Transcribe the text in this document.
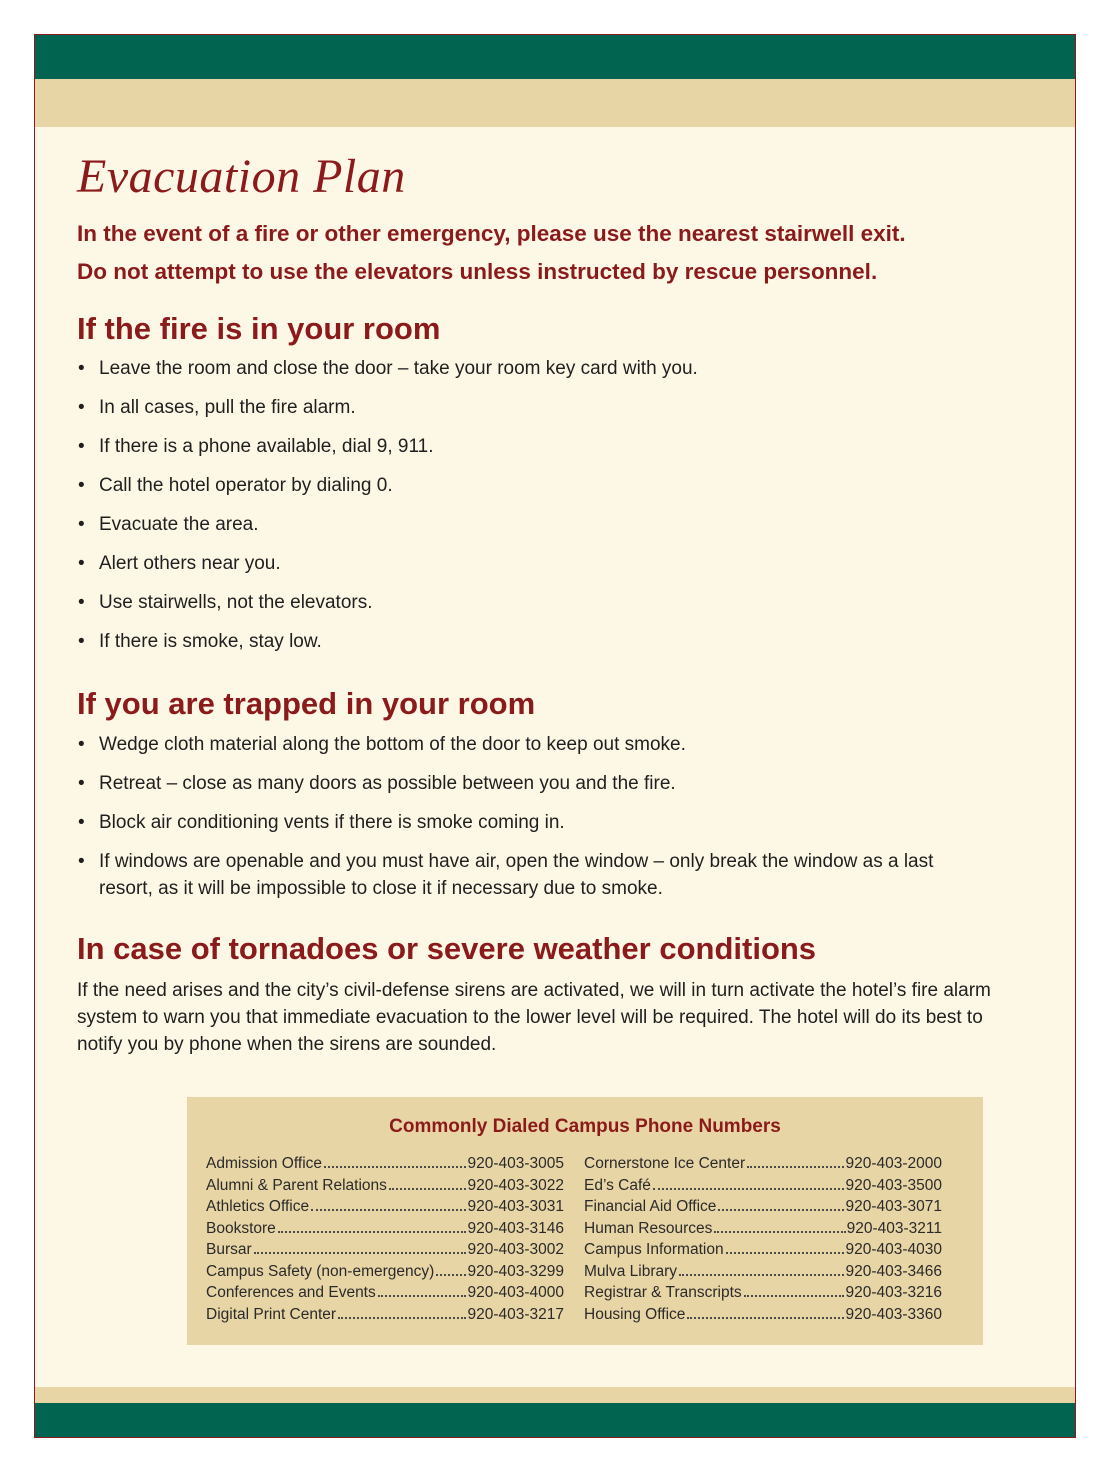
Evacuation Plan
In the event of a fire or other emergency, please use the nearest stairwell exit.
Do not attempt to use the elevators unless instructed by rescue personnel.
If the fire is in your room
• Leave the room and close the door – take your room key card with you.
• In all cases, pull the fire alarm.
• If there is a phone available, dial 9, 911.
• Call the hotel operator by dialing 0.
• Evacuate the area.
• Alert others near you.
• Use stairwells, not the elevators.
• If there is smoke, stay low.
If you are trapped in your room
• Wedge cloth material along the bottom of the door to keep out smoke.
• Retreat – close as many doors as possible between you and the fire.
• Block air conditioning vents if there is smoke coming in.
• If windows are openable and you must have air, open the window – only break the window as a last resort, as it will be impossible to close it if necessary due to smoke.
In case of tornadoes or severe weather conditions

If the need arises and the city’s civil-defense sirens are activated, we will in turn activate the hotel’s fire alarm system to warn you that immediate evacuation to the lower level will be required. The hotel will do its best to notify you by phone when the sirens are sounded.

Commonly Dialed Campus Phone Numbers
Admission Office	920-403-3005
Alumni & Parent Relations	920-403-3022
Athletics Office	920-403-3031
Bookstore	920-403-3146
Bursar	920-403-3002
Campus Safety (non-emergency) 920-403-3299
Conferences and Events	920-403-4000
Digital Print Center	920-403-3217
Cornerstone Ice Center	920-403-2000
Ed’s Café	920-403-3500
Financial Aid Office	920-403-3071
Human Resources	920-403-3211
Campus Information	920-403-4030
Mulva Library	920-403-3466
Registrar & Transcripts	920-403-3216
Housing Office	920-403-3360
